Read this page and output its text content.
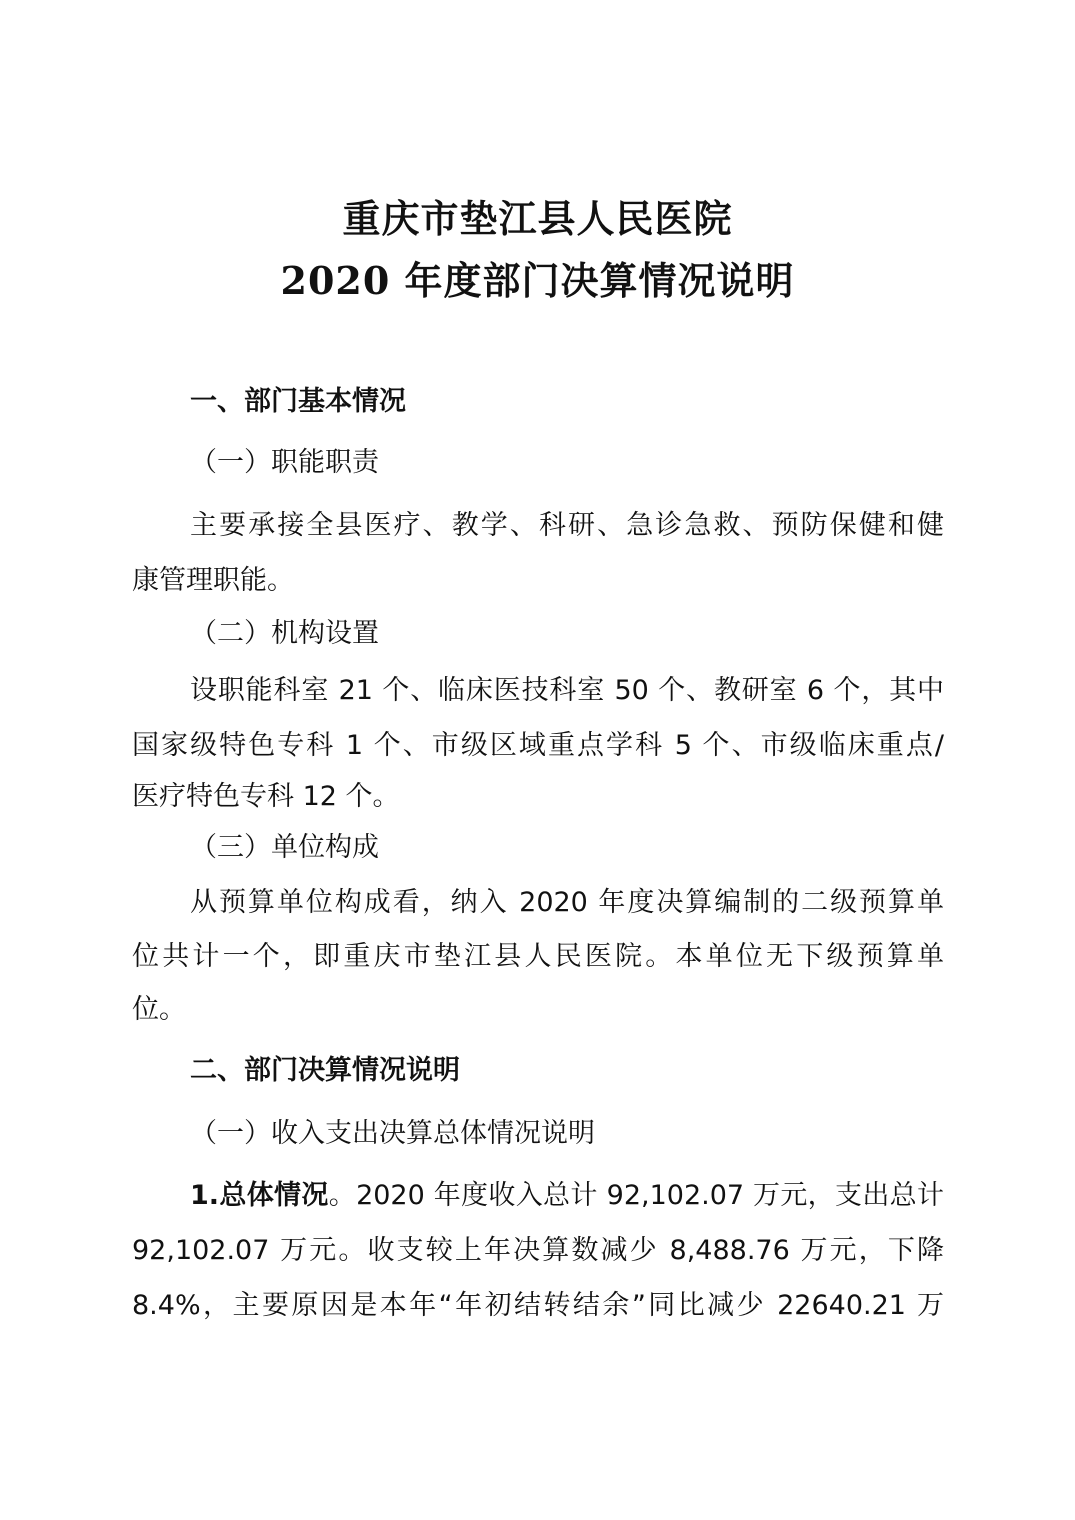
重庆市垫江县人民医院
2020 年度部门决算情况说明
一、部门基本情况
（一）职能职责
主要承接全县医疗、教学、科研、急诊急救、预防保健和健
康管理职能。
（二）机构设置
设职能科室 21 个、临床医技科室 50 个、教研室 6 个，其中
国家级特色专科 1 个、市级区域重点学科 5 个、市级临床重点/
医疗特色专科 12 个。
（三）单位构成
从预算单位构成看，纳入 2020 年度决算编制的二级预算单
位共计一个，即重庆市垫江县人民医院。本单位无下级预算单
位。
二、部门决算情况说明
（一）收入支出决算总体情况说明
1.总体情况。2020 年度收入总计 92,102.07 万元，支出总计
92,102.07 万元。收支较上年决算数减少 8,488.76 万元，下降
8.4%，主要原因是本年“年初结转结余”同比减少 22640.21 万
